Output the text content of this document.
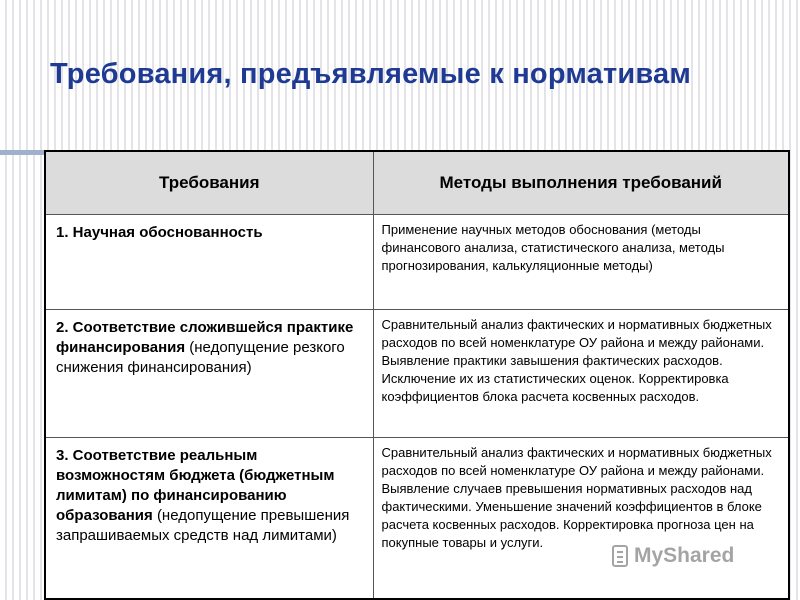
Требования, предъявляемые к нормативам
Требования	Методы выполнения требований
1. Научная обоснованность	Применение научных методов обоснования (методы финансового анализа, статистического анализа, методы прогнозирования, калькуляционные методы)
2. Соответствие сложившейся практике финансирования (недопущение резкого снижения финансирования)	Сравнительный анализ фактических и нормативных бюджетных расходов по всей номенклатуре ОУ района и между районами. Выявление практики завышения фактических расходов. Исключение их из статистических оценок. Корректировка коэффициентов блока расчета косвенных расходов.
3. Соответствие реальным возможностям бюджета (бюджетным лимитам) по финансированию образования (недопущение превышения запрашиваемых средств над лимитами)	Сравнительный анализ фактических и нормативных бюджетных расходов по всей номенклатуре ОУ района и между районами. Выявление случаев превышения нормативных расходов над фактическими. Уменьшение значений коэффициентов в блоке расчета косвенных расходов. Корректировка прогноза цен на покупные товары и услуги.
MyShared
